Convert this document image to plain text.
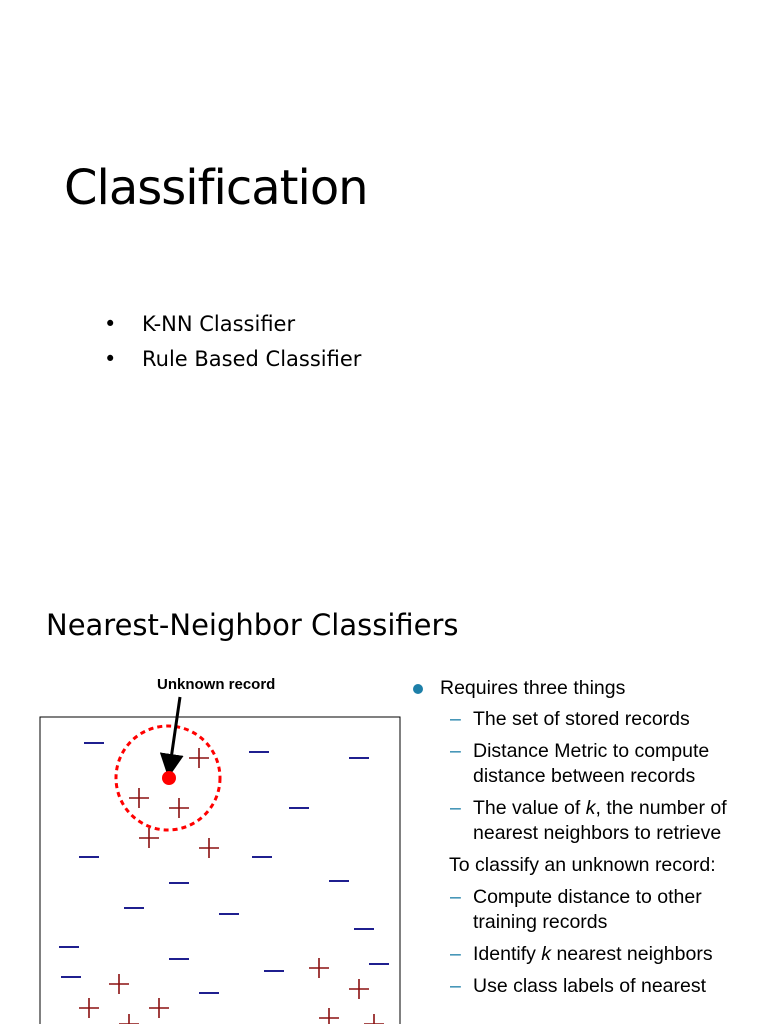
Classification
• K-NN Classifier
• Rule Based Classifier
Nearest-Neighbor Classifiers
Unknown record	Requires three things
– The set of stored records
– Distance Metric to compute distance between records
– The value of k, the number of nearest neighbors to retrieve
To classify an unknown record:
– Compute distance to other training records
– Identify k nearest neighbors
– Use class labels of nearest
